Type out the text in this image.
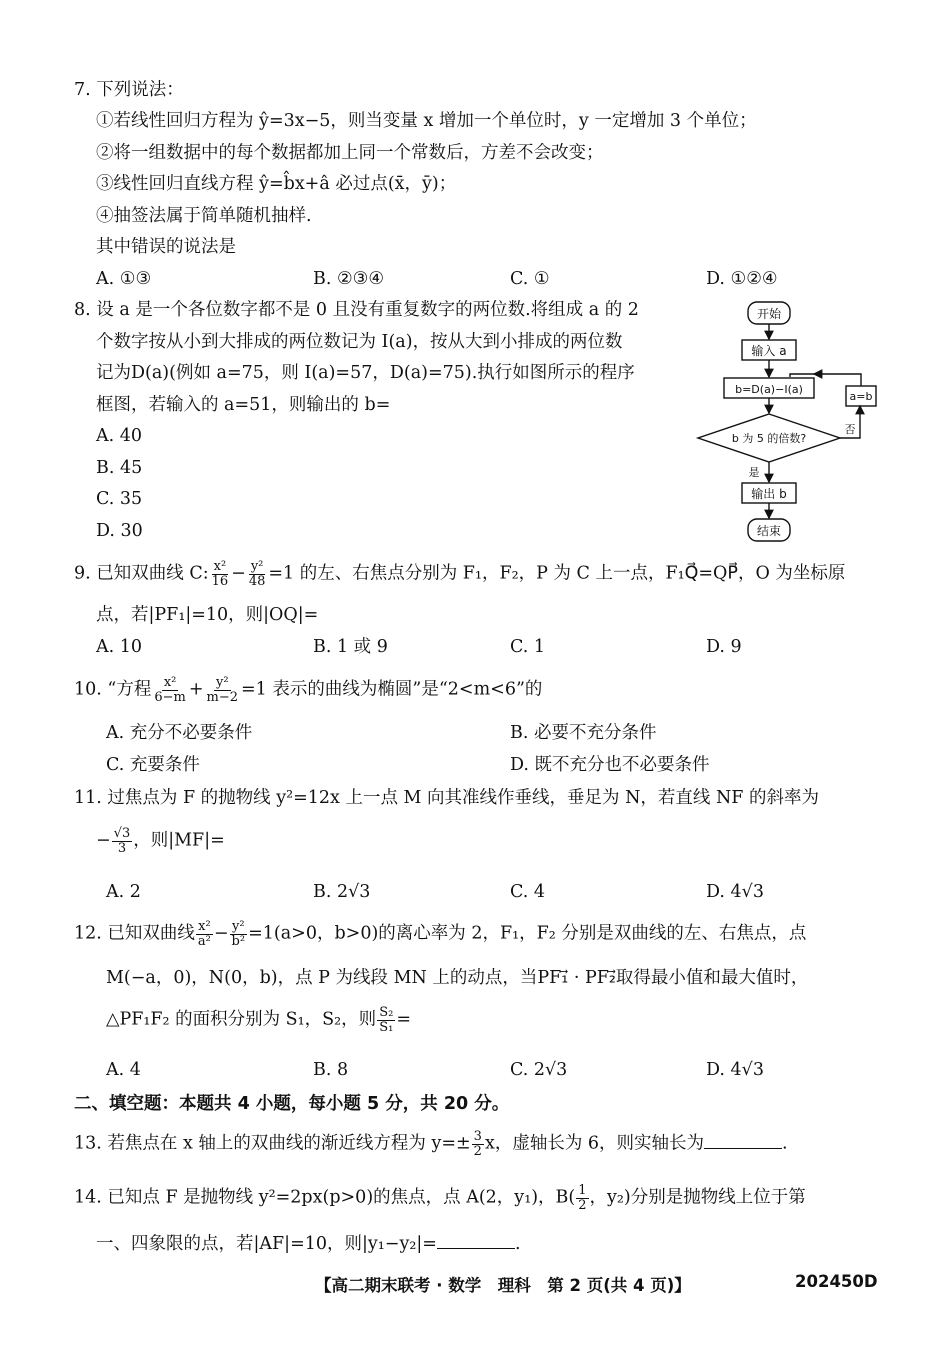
7. 下列说法：
①若线性回归方程为 ŷ=3x−5，则当变量 x 增加一个单位时，y 一定增加 3 个单位；
②将一组数据中的每个数据都加上同一个常数后，方差不会改变；
③线性回归直线方程 ŷ=b̂x+â 必过点(x̄，ȳ)；
④抽签法属于简单随机抽样.
其中错误的说法是
A. ①③	B. ②③④	C. ①	D. ①②④
8. 设 a 是一个各位数字都不是 0 且没有重复数字的两位数.将组成 a 的 2
个数字按从小到大排成的两位数记为 I(a)，按从大到小排成的两位数
记为D(a)(例如 a=75，则 I(a)=57，D(a)=75).执行如图所示的程序
框图，若输入的 a=51，则输出的 b=
A. 40
B. 45
C. 35
D. 30
开始
输入 a
b=D(a)−I(a)
b 为 5 的倍数?
a=b
否
是
输出 b
结束
9. 已知双曲线 C: $\frac{\text{x²}}{16} - \frac{\text{y²}}{48} =1$ 的左、右焦点分别为 F₁，F₂，P 为 C 上一点，F₁Q⃗=QP⃗，O 为坐标原
点，若|PF₁|=10，则|OQ|=
A. 10	B. 1 或 9	C. 1	D. 9
10. “方程 $\frac{\text{x²}}{6-m} + \frac{\text{y²}}{m-2} =1$ 表示的曲线为椭圆”是“2<m<6”的
A. 充分不必要条件	B. 必要不充分条件
C. 充要条件	D. 既不充分也不必要条件
11. 过焦点为 F 的抛物线 y²=12x 上一点 M 向其准线作垂线，垂足为 N，若直线 NF 的斜率为
− $\frac{√3}{3}$ ，则|MF|=
A. 2	B. 2√3	C. 4	D. 4√3
12. 已知双曲线 $\frac{\text{x²}}{\text{a²}} - \frac{\text{y²}}{\text{b²}} =1(a>0$，b>0)的离心率为 2，F₁，F₂ 分别是双曲线的左、右焦点，点
M(−a，0)，N(0，b)，点 P 为线段 MN 上的动点，当PF₁⃗ · PF₂⃗取得最小值和最大值时，
△PF₁F₂ 的面积分别为 S₁，S₂，则 $\frac{\text{S₂}}{\text{S₁}}$ =
A. 4	B. 8	C. 2√3	D. 4√3
二、填空题：本题共 4 小题，每小题 5 分，共 20 分。
13. 若焦点在 x 轴上的双曲线的渐近线方程为 $y=\pm \frac{3}{2}$ x，虚轴长为 6，则实轴长为	.
14. 已知点 F 是抛物线 y²=2px(p>0)的焦点，点 A(2，y₁)，$B( \frac{1}{2}$ ，y₂)分别是抛物线上位于第
一、四象限的点，若|AF|=10，则|y₁−y₂|=	.
【高二期末联考 · 数学　理科　第 2 页(共 4 页)】	202450D
